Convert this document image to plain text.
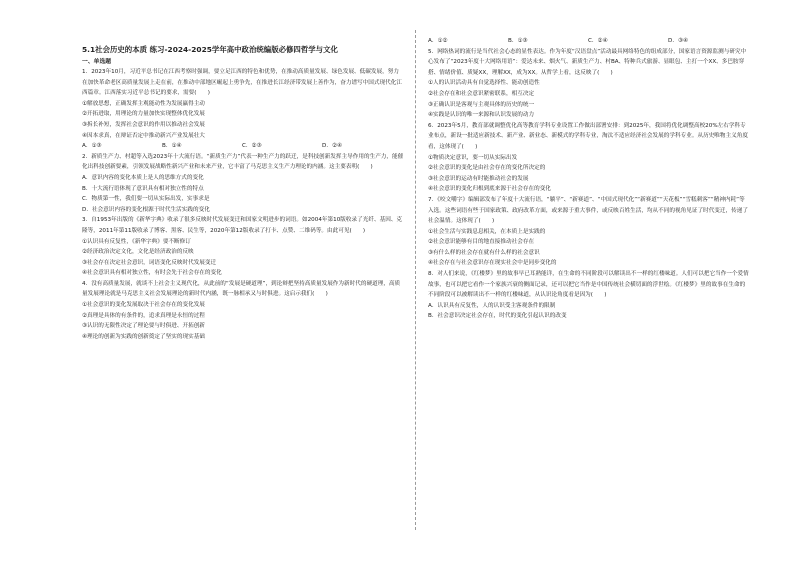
5.1社会历史的本质 练习-2024-2025学年高中政治统编版必修四哲学与文化
一、单选题

1．2023年10月，习近平总书记在江西考察时强调，要立足江西的特色和优势，在推动高质量发展、绿色发展、低碳发展，努力在加快革命老区高质量发展上走在前，在推动中部地区崛起上勇争先，在推进长江经济带发展上善作为，奋力谱写中国式现代化江西篇章。江西落实习近平总书记的要求，需要(　　)

①解放思想，正确发挥主观能动性为发展赢得主动

②开拓进取，用理论的力量加快实现整体优化发展

③拆长补短，发挥社会意识的作用以推动社会发展

④因本求真，在辩证否定中推动新兴产业发展壮大

A．①③	B．①④	C．②③	D．②④

2．新质生产力、村超等入选2023年十大流行语。“新质生产力”代表一种生产力的跃迁，是科技创新发挥主导作用的生产力，能催化出科技创新要素，引领发展战略性新兴产业和未来产业，它丰富了马克思主义生产力理论的内涵。这主要表明(　　)

A．意识内容的变化本质上是人的思维方式的变化

B．十大流行语体现了意识具有相对独立性的特点

C．物质第一性，我们要一切从实际出发，实事求是

D．社会意识内容的变化根源于时代生活实践的变化

3．自1953年出版的《新华字典》收录了很多反映时代发展变迁和国家文明进步的词语。如2004年第10版收录了光纤、基因、克隆等，2011年第11版收录了博客、黑客、民生等，2020年第12版收录了打卡、点赞、二维码等。由此可见(　　)

①认识具有反复性，《新华字典》要不断修订

②经济政治决定文化，文化是经济政治的反映

③社会存在决定社会意识，词语变化反映时代发展变迁

④社会意识具有相对独立性，有时会先于社会存在的变化

4．没有高质量发展，就谈不上社会主义现代化，从此前的“发展是硬道理”，到论辩把坚持高质量发展作为新时代的硬道理，高质量发展理论就是马克思主义社会发展理论的新时代内涵，既一脉相承又与时俱进。这启示我们(　　)

①社会意识的变化发展取决于社会存在的变化发展

②真理是具体的有条件的，追求真理是永恒的过程

③认识的无限性决定了理论要与时俱进、开拓创新

④理论的创新为实践的创新奠定了坚实的现实基础

A．①②	B．①③	C．②④	D．③④

5．网络热词的流行是当代社会心态的显性表达。作为年度“汉语盘点”活动最具网络特色的组成部分，国家语言资源监测与研究中心发布了“2023年度十大网络用语”：爱达未来、烟火气、新质生产力、村BA、特种兵式旅游、显眼包、主打一个XX、多巴胺穿搭、情绪价值、质疑XX，理解XX，成为XX。从哲学上看，这反映了(　　)

①人的认识活动具有自觉选择性、能动创造性

②社会存在和社会意识紧密联系，相互决定

③正确认识是客观与主观具体的历史的统一

④实践是认识的唯一来源和认识发展的动力

6．2023年5月，教育部就调整优化高等教育学科专业设置工作做出部署安排：到2025年，我国将优化调整高校20%左右学科专业布点，新设一批适应新技术、新产业、新业态、新模式的学科专业，淘汰不适应经济社会发展的学科专业。从历史唯物主义角度看，这体现了(　　)

①物质决定意识，要一切从实际出发

②社会意识的变化是由社会存在的变化所决定的

③社会意识的运动有时能推动社会的发展

④社会意识的变化归根到底来源于社会存在的变化

7．《咬文嚼字》编辑部发布了年度十大流行语，“躺平”、“新赛道”、“中国式现代化”“新赛道”“天花板”“雪糕刺客”“精神内耗”等入选。这些词语有些于国家政策、政府改革方面，或来源于重大事件，或反映百姓生活，均从不同的视角见证了时代变迁，传递了社会温情。这体现了(　　)

①社会生活与实践息息相关，在本质上是实践的

②社会意识能够有目的地直接推动社会存在

③有什么样的社会存在就有什么样的社会意识

④社会存在与社会意识存在现实社会中是同步变化的

8．对人们来说，《红楼梦》里的故事早已耳熟能详，在生命的不同阶段可以解读出不一样的红楼味道。人们可以把它当作一个爱情故事，也可以把它看作一个家族兴衰的侧面记录，还可以把它当作是中国传统社会横切面的浮世绘。《红楼梦》里的故事在生命的不同阶段可以被解读出不一样的红楼味道，从认识论角度看是因为(　　)

A．认识具有反复性，人的认识受主客观条件的限制

B．社会意识决定社会存在，时代的变化引起认识的改变
